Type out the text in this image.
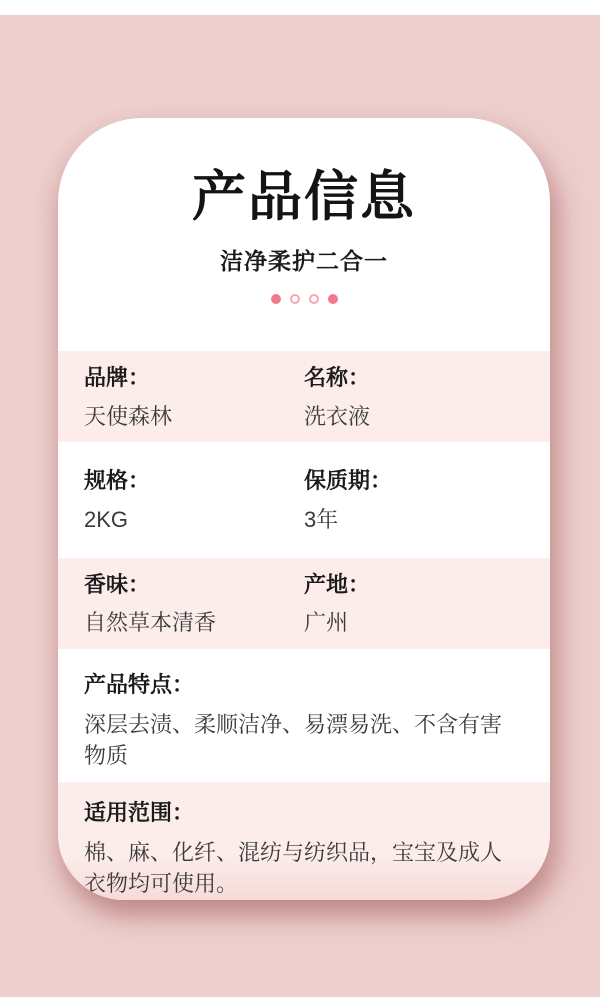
产品信息
洁净柔护二合一
品牌：
天使森林
名称：
洗衣液
规格：
2KG
保质期：
3年
香味：
自然草本清香
产地：
广州
产品特点：
深层去渍、柔顺洁净、易漂易洗、不含有害物质
适用范围：
棉、麻、化纤、混纺与纺织品，宝宝及成人衣物均可使用。
